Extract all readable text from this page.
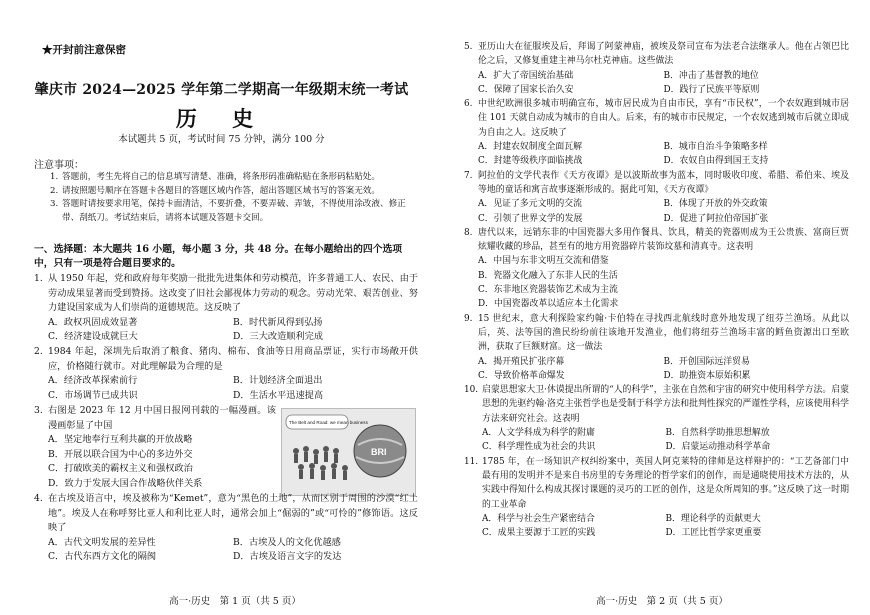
★开封前注意保密
肇庆市 2024—2025 学年第二学期高一年级期末统一考试
历 史
本试题共 5 页，考试时间 75 分钟，满分 100 分
注意事项：
1. 答题前，考生先将自己的信息填写清楚、准确，将条形码准确粘贴在条形码粘贴处。
2. 请按照题号顺序在答题卡各题目的答题区域内作答，超出答题区域书写的答案无效。
3. 答题时请按要求用笔，保持卡面清洁，不要折叠，不要弄破、弄皱，不得使用涂改液、修正带、刮纸刀。考试结束后，请将本试题及答题卡交回。
一、选择题：本大题共 16 小题，每小题 3 分，共 48 分。在每小题给出的四个选项中，只有一项是符合题目要求的。
1. 从 1950 年起，党和政府每年奖励一批批先进集体和劳动模范，许多普通工人、农民、由于劳动成果显著而受到赞扬。这改变了旧社会鄙视体力劳动的观念。劳动光荣、艰苦创业、努力建设国家成为人们崇尚的道德规范。这反映了
A．政权巩固成效显著	B．时代新风得到弘扬
C．经济建设成就巨大	D．三大改造顺利完成
2. 1984 年起，深圳先后取消了粮食、猪肉、棉布、食油等日用商品票证，实行市场敞开供应，价格随行就市。对此理解最为合理的是
A．经济改革探索前行	B．计划经济全面退出
C．市场调节已成共识	D．生活水平迅速提高
3. 右图是 2023 年 12 月中国日报网刊载的一幅漫画。该漫画彰显了中国
A．坚定地奉行互利共赢的开放战略
B．开展以联合国为中心的多边外交
C．打破欧美的霸权主义和强权政治
D．致力于发展大国合作战略伙伴关系
The Belt and Road: we mean business
BRI
4. 在古埃及语言中，埃及被称为“Kemet”，意为“黑色的土地”，从而区别于周围的沙漠“红土地”。埃及人在称呼努比亚人和利比亚人时，通常会加上“倔弱的”或“可怜的”修饰语。这反映了
A．古代文明发展的差异性	B．古埃及人的文化优越感
C．古代东西方文化的隔阂	D．古埃及语言文字的发达
高一·历史　第 1 页（共 5 页）
5. 亚历山大在征服埃及后，拜谒了阿蒙神庙，被埃及祭司宣布为法老合法继承人。他在占领巴比伦之后，又修复重建主神马尔杜克神庙。这些做法
A．扩大了帝国统治基础	B．冲击了基督教的地位
C．保障了国家长治久安	D．践行了民族平等原则
6. 中世纪欧洲很多城市明确宣布，城市居民成为自由市民，享有“市民权”，一个农奴跑到城市居住 101 天就自动成为城市的自由人。后来，有的城市市民规定，一个农奴逃到城市后就立即成为自由之人。这反映了
A．封建农奴制度全面瓦解	B．城市自治斗争策略多样
C．封建等级秩序面临挑战	D．农奴自由得到国王支持
7. 阿拉伯的文学代表作《天方夜谭》是以波斯故事为蓝本，同时吸收印度、希腊、希伯来、埃及等地的童话和寓言故事逐渐形成的。据此可知，《天方夜谭》
A．见证了多元文明的交流	B．体现了开放的外交政策
C．引领了世界文学的发展	D．促进了阿拉伯帝国扩张
8. 唐代以来，远销东非的中国瓷器大多用作餐具、饮具，精美的瓷器则成为王公贵族、富商巨贾炫耀收藏的珍品，甚至有的地方用瓷器碎片装饰坟墓和清真寺。这表明
A．中国与东非文明互交流和借鉴
B．瓷器文化融入了东非人民的生活
C．东非地区瓷器装饰艺术成为主流
D．中国瓷器改革以适应本土化需求
9. 15 世纪末，意大利探险家约翰·卡伯特在寻找西北航线时意外地发现了纽芬兰渔场。从此以后，英、法等国的渔民纷纷前往该地开发渔业，他们将纽芬兰渔场丰富的鳕鱼资源出口至欧洲，获取了巨额财富。这一做法
A．揭开殖民扩张序幕	B．开创国际远洋贸易
C．导致价格革命爆发	D．助推资本原始积累
10. 启蒙思想家大卫·休谟提出所谓的“人的科学”，主张在自然和宇宙的研究中使用科学方法。启蒙思想的先驱约翰·洛克主张哲学也是受制于科学方法和批判性探究的严谨性学科，应该使用科学方法来研究社会。这表明
A．人文学科成为科学的附庸	B．自然科学助推思想解放
C．科学理性成为社会的共识	D．启蒙运动推动科学革命
11. 1785 年，在一场知识产权纠纷案中，英国人阿克莱特的律师是这样辩护的：“工艺备部门中最有用的发明并不是来自书房里的专务理论的哲学家们的创作，而是通晓使用技术方法的，从实践中得知什么构成其探讨课题的灵巧的工匠的创作，这是众所周知的事。”这反映了这一时期的工业革命
A．科学与社会生产紧密结合	B．理论科学的贡献更大
C．成果主要源于工匠的实践	D．工匠比哲学家更重要
高一·历史　第 2 页（共 5 页）
